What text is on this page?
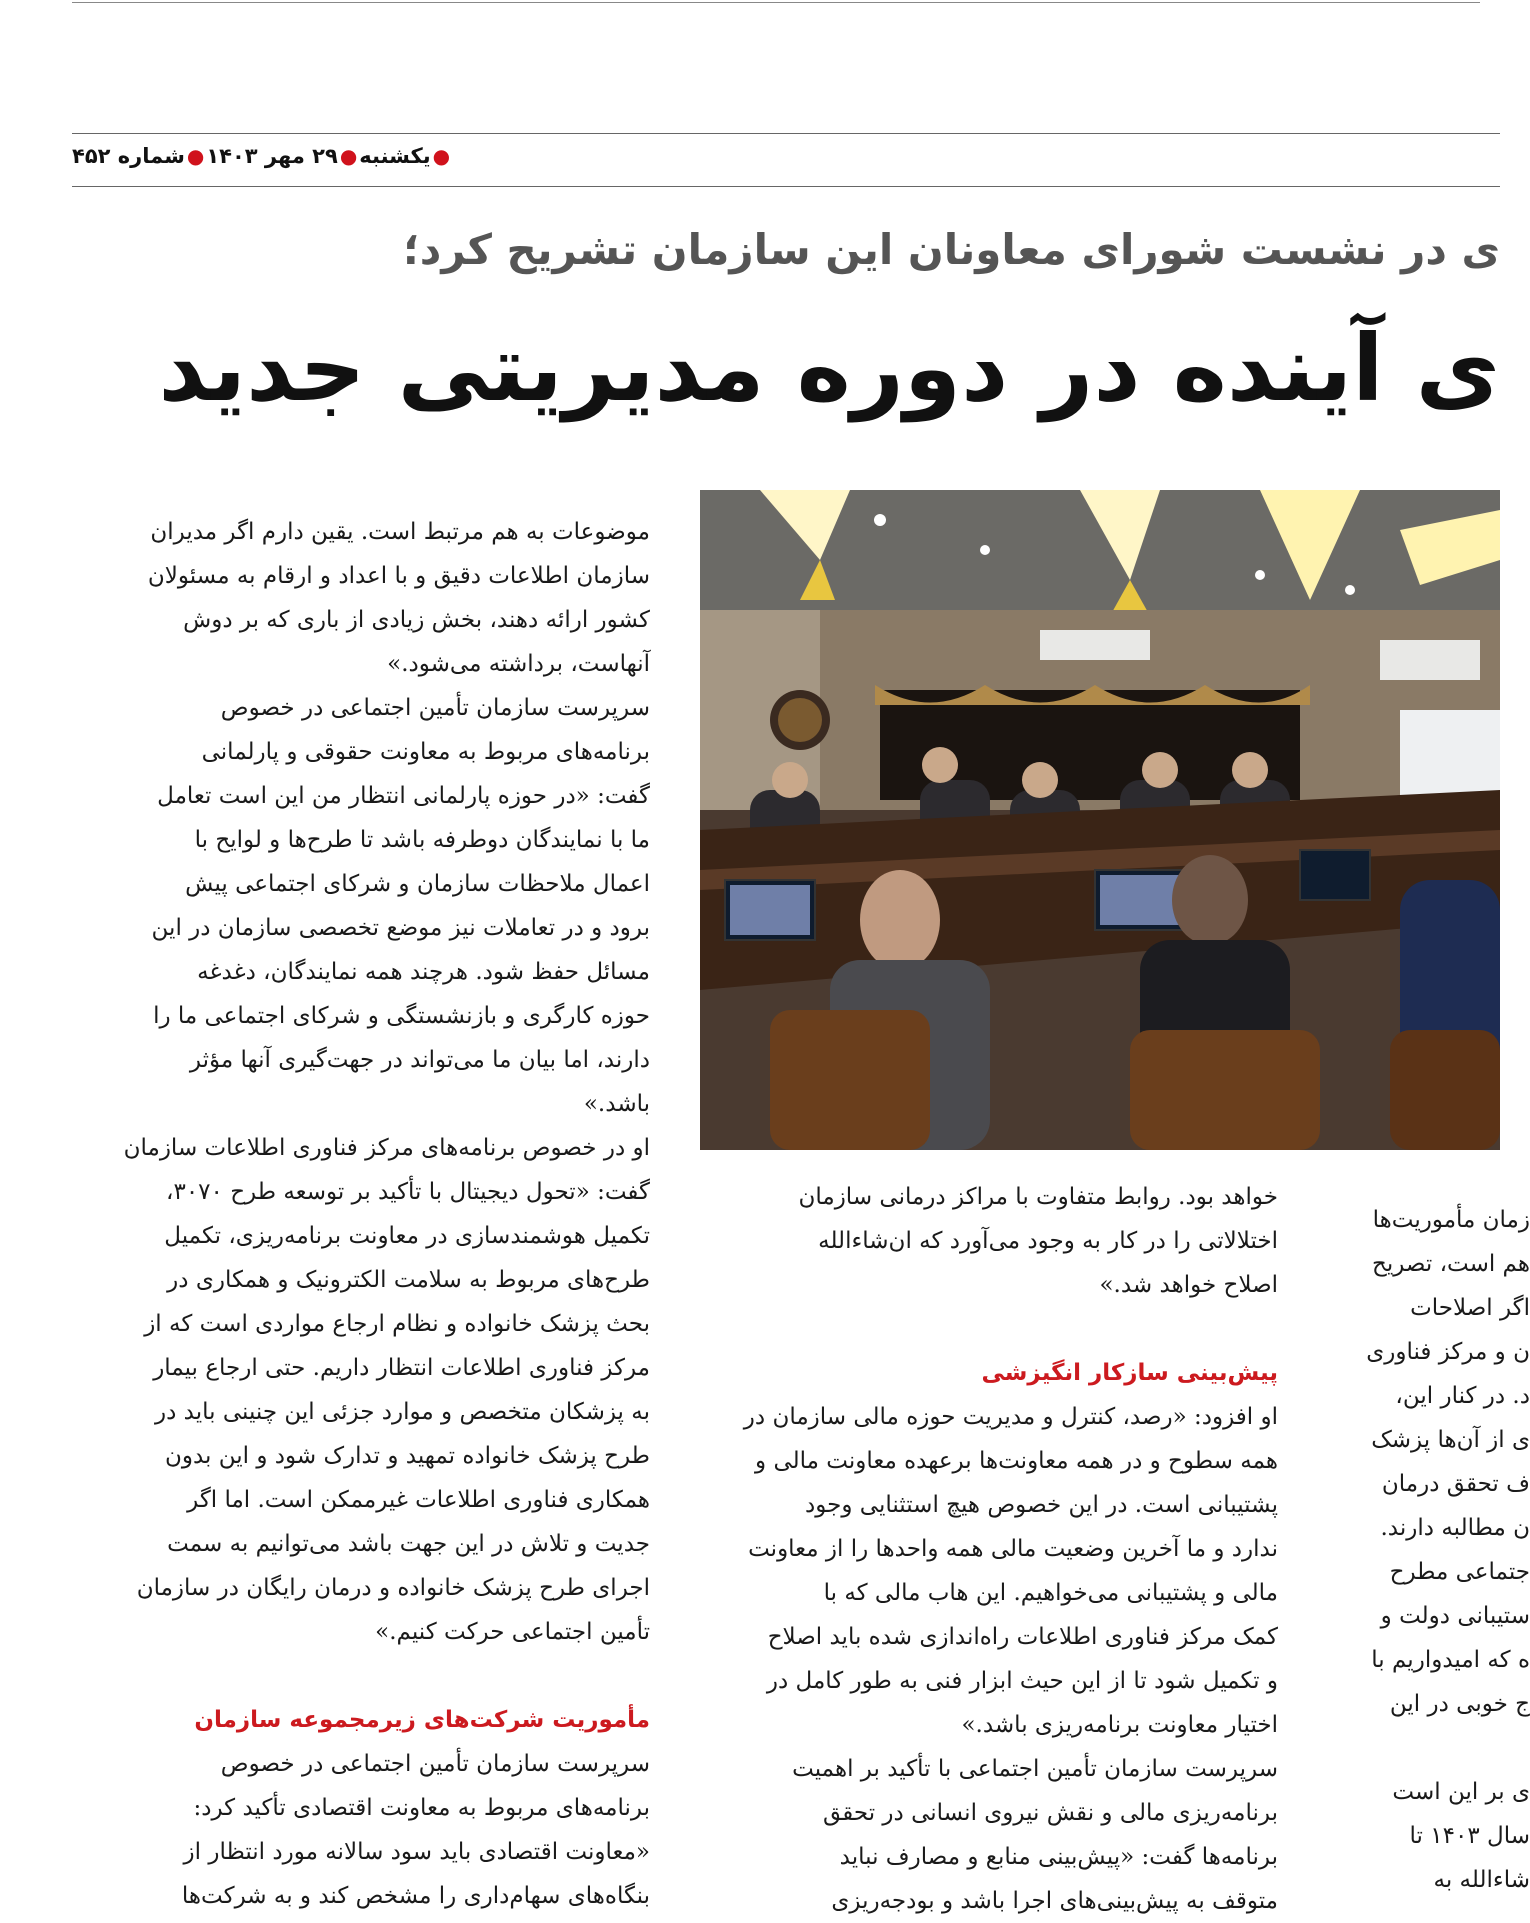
●یکشنبه●۲۹ مهر ۱۴۰۳●شماره ۴۵۲
ی در نشست شورای معاونان این سازمان تشریح کرد؛
ی آینده در دوره مدیریتی جدید

موضوعات به هم مرتبط است. یقین دارم اگر مدیران

سازمان اطلاعات دقیق و با اعداد و ارقام به مسئولان

کشور ارائه دهند، بخش زیادی از باری که بر دوش

آنهاست، برداشته می‌شود.»

سرپرست سازمان تأمین اجتماعی در خصوص

برنامه‌های مربوط به معاونت حقوقی و پارلمانی

گفت: «در حوزه پارلمانی انتظار من این است تعامل

ما با نمایندگان دوطرفه باشد تا طرح‌ها و لوایح با

اعمال ملاحظات سازمان و شرکای اجتماعی پیش

برود و در تعاملات نیز موضع تخصصی سازمان در این

مسائل حفظ شود. هرچند همه نمایندگان، دغدغه

حوزه کارگری و بازنشستگی و شرکای اجتماعی ما را

دارند، اما بیان ما می‌تواند در جهت‌گیری آنها مؤثر

باشد.»

او در خصوص برنامه‌های مرکز فناوری اطلاعات سازمان

گفت: «تحول دیجیتال با تأکید بر توسعه طرح ۳۰۷۰،

تکمیل هوشمندسازی در معاونت برنامه‌ریزی، تکمیل

طرح‌های مربوط به سلامت الکترونیک و همکاری در

بحث پزشک خانواده و نظام ارجاع مواردی است که از

مرکز فناوری اطلاعات انتظار داریم. حتی ارجاع بیمار

به پزشکان متخصص و موارد جزئی این چنینی باید در

طرح پزشک خانواده تمهید و تدارک شود و این بدون

همکاری فناوری اطلاعات غیرممکن است. اما اگر

جدیت و تلاش در این جهت باشد می‌توانیم به سمت

اجرای طرح پزشک خانواده و درمان رایگان در سازمان

تأمین اجتماعی حرکت کنیم.»

مأموریت شرکت‌های زیرمجموعه سازمان

سرپرست سازمان تأمین اجتماعی در خصوص

برنامه‌های مربوط به معاونت اقتصادی تأکید کرد:

«معاونت اقتصادی باید سود سالانه مورد انتظار از

بنگاه‌های سهام‌داری را مشخص کند و به شرکت‌ها

خواهد بود. روابط متفاوت با مراکز درمانی سازمان

اختلالاتی را در کار به وجود می‌آورد که ان‌شاءالله

اصلاح خواهد شد.»

پیش‌بینی سازکار انگیزشی

او افزود: «رصد، کنترل و مدیریت حوزه مالی سازمان در

همه سطوح و در همه معاونت‌ها برعهده معاونت مالی و

پشتیبانی است. در این خصوص هیچ استثنایی وجود

ندارد و ما آخرین وضعیت مالی همه واحدها را از معاونت

مالی و پشتیبانی می‌خواهیم. این هاب مالی که با

کمک مرکز فناوری اطلاعات راه‌اندازی شده باید اصلاح

و تکمیل شود تا از این حیث ابزار فنی به طور کامل در

اختیار معاونت برنامه‌ریزی باشد.»

سرپرست سازمان تأمین اجتماعی با تأکید بر اهمیت

برنامه‌ریزی مالی و نقش نیروی انسانی در تحقق

برنامه‌ها گفت: «پیش‌بینی منابع و مصارف نباید

متوقف به پیش‌بینی‌های اجرا باشد و بودجه‌ریزی

زمان مأموریت‌ها

هم است، تصریح

اگر اصلاحات

ن و مرکز فناوری

د. در کنار این،

ی از آن‌ها پزشک

ف تحقق درمان

ن مطالبه دارند.

جتماعی مطرح

ستیبانی دولت و

ه که امیدواریم با

ج خوبی در این

ی بر این است

سال ۱۴۰۳ تا

شاءالله به
